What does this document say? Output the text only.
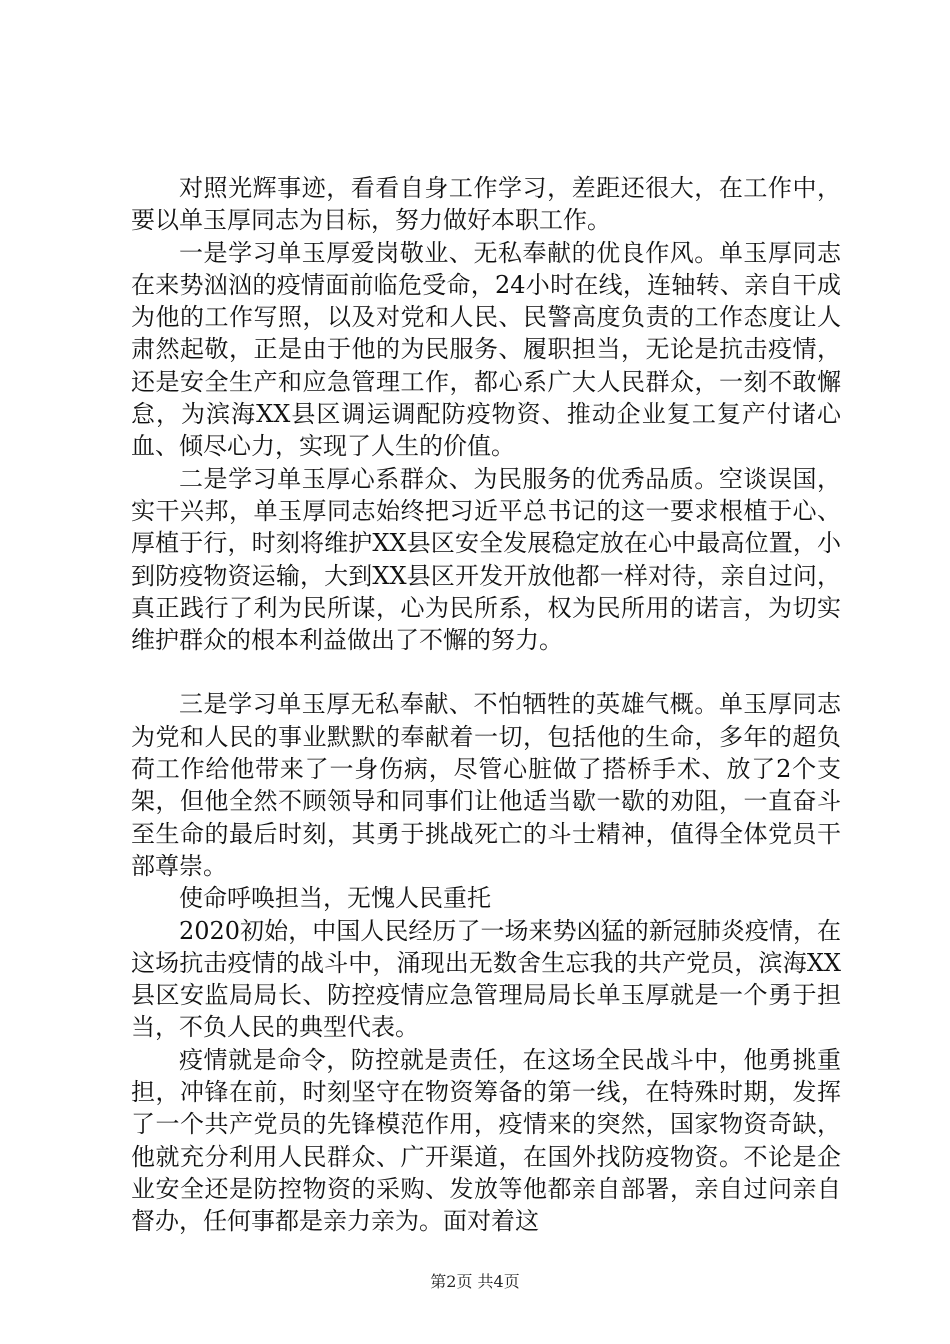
对照光辉事迹，看看自身工作学习，差距还很大，在工作中，要以单玉厚同志为目标，努力做好本职工作。

一是学习单玉厚爱岗敬业、无私奉献的优良作风。单玉厚同志在来势汹汹的疫情面前临危受命，24小时在线，连轴转、亲自干成为他的工作写照，以及对党和人民、民警高度负责的工作态度让人肃然起敬，正是由于他的为民服务、履职担当，无论是抗击疫情，还是安全生产和应急管理工作，都心系广大人民群众，一刻不敢懈怠，为滨海XX县区调运调配防疫物资、推动企业复工复产付诸心血、倾尽心力，实现了人生的价值。

二是学习单玉厚心系群众、为民服务的优秀品质。空谈误国，实干兴邦，单玉厚同志始终把习近平总书记的这一要求根植于心、厚植于行，时刻将维护XX县区安全发展稳定放在心中最高位置，小到防疫物资运输，大到XX县区开发开放他都一样对待，亲自过问，真正践行了利为民所谋，心为民所系，权为民所用的诺言，为切实维护群众的根本利益做出了不懈的努力。

三是学习单玉厚无私奉献、不怕牺牲的英雄气概。单玉厚同志为党和人民的事业默默的奉献着一切，包括他的生命，多年的超负荷工作给他带来了一身伤病，尽管心脏做了搭桥手术、放了2个支架，但他全然不顾领导和同事们让他适当歇一歇的劝阻，一直奋斗至生命的最后时刻，其勇于挑战死亡的斗士精神，值得全体党员干部尊崇。

使命呼唤担当，无愧人民重托

2020初始，中国人民经历了一场来势凶猛的新冠肺炎疫情，在这场抗击疫情的战斗中，涌现出无数舍生忘我的共产党员，滨海XX县区安监局局长、防控疫情应急管理局局长单玉厚就是一个勇于担当，不负人民的典型代表。

疫情就是命令，防控就是责任，在这场全民战斗中，他勇挑重担，冲锋在前，时刻坚守在物资筹备的第一线，在特殊时期，发挥了一个共产党员的先锋模范作用，疫情来的突然，国家物资奇缺，他就充分利用人民群众、广开渠道，在国外找防疫物资。不论是企业安全还是防控物资的采购、发放等他都亲自部署，亲自过问亲自督办，任何事都是亲力亲为。面对着这

第2页 共4页
